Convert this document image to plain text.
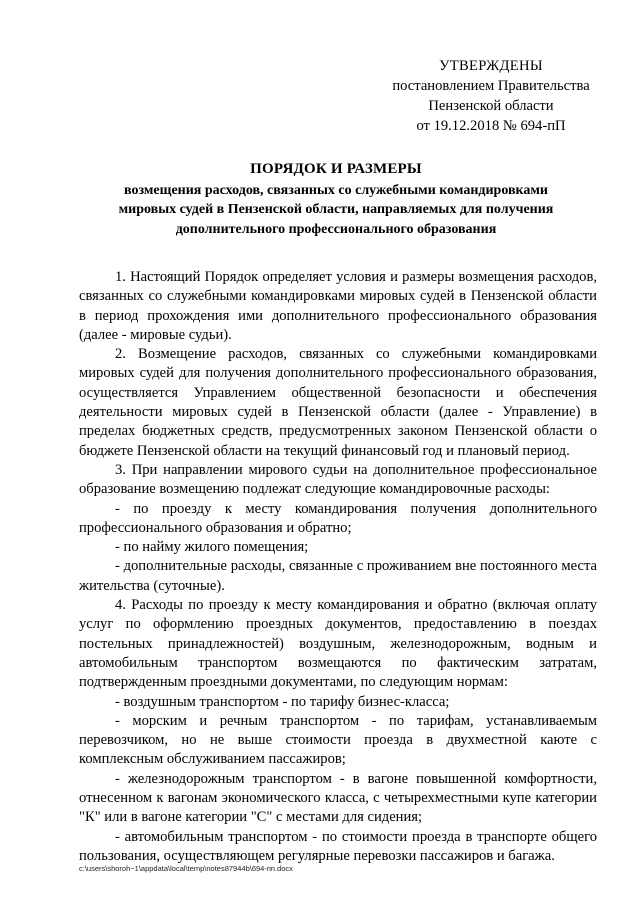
УТВЕРЖДЕНЫ
постановлением Правительства
Пензенской области
от 19.12.2018 № 694-пП
ПОРЯДОК И РАЗМЕРЫ
возмещения расходов, связанных со служебными командировками
мировых судей в Пензенской области, направляемых для получения
дополнительного профессионального образования

1. Настоящий Порядок определяет условия и размеры возмещения расходов, связанных со служебными командировками мировых судей в Пензенской области в период прохождения ими дополнительного профессионального образования (далее - мировые судьи).

2. Возмещение расходов, связанных со служебными командировками мировых судей для получения дополнительного профессионального образования, осуществляется Управлением общественной безопасности и обеспечения деятельности мировых судей в Пензенской области (далее - Управление) в пределах бюджетных средств, предусмотренных законом Пензенской области о бюджете Пензенской области на текущий финансовый год и плановый период.

3. При направлении мирового судьи на дополнительное профессиональное образование возмещению подлежат следующие командировочные расходы:

- по проезду к месту командирования получения дополнительного профессионального образования и обратно;

- по найму жилого помещения;

- дополнительные расходы, связанные с проживанием вне постоянного места жительства (суточные).

4. Расходы по проезду к месту командирования и обратно (включая оплату услуг по оформлению проездных документов, предоставлению в поездах постельных принадлежностей) воздушным, железнодорожным, водным и автомобильным транспортом возмещаются по фактическим затратам, подтвержденным проездными документами, по следующим нормам:

- воздушным транспортом - по тарифу бизнес-класса;

- морским и речным транспортом - по тарифам, устанавливаемым перевозчиком, но не выше стоимости проезда в двухместной каюте с комплексным обслуживанием пассажиров;

- железнодорожным транспортом - в вагоне повышенной комфортности, отнесенном к вагонам экономического класса, с четырехместными купе категории "К" или в вагоне категории "С" с местами для сидения;

- автомобильным транспортом - по стоимости проезда в транспорте общего пользования, осуществляющем регулярные перевозки пассажиров и багажа.

c:\users\shoroh~1\appdata\local\temp\notes87944b\694-пп.docx
